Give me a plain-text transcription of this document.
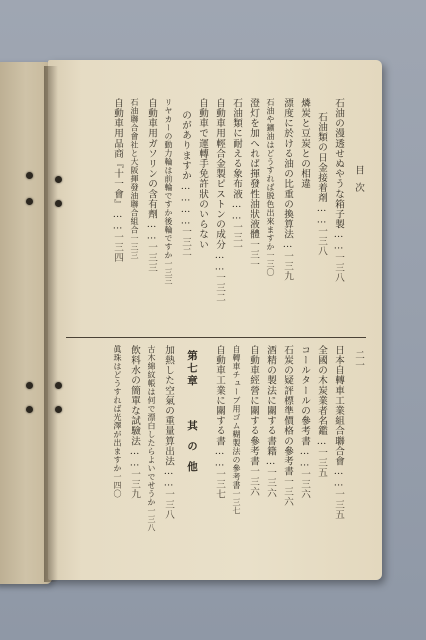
目次
二一
石油の漫透せぬやうな箱子製……一三八
石油類の日金接着剤……一三八
燐炭と豆炭との相違
漂度に於ける油の比重の換算法…一三九
石油や鑛油はどうすれば脱色出來ますか一三〇
澄灯を加へれば揮發性油狀液體一三一
石油類に耐える象布液……一三一
自動車用輕合金製ピストンの成分……一三二
自動車で運轉手免許狀のいらない
のがありますか…………一三二
リヤカーの動力輪は前輪ですか後輪ですか一三三
自動車用ガソリンの含有劑……一三三
石油聯合會社と大阪揮發油聯合組合一三三
自動車用品商『十一會』……一三四
日本自轉車工業組合聯合會……一三五
全國の木炭業者名鑑…一三五
コールタールの參考書……一三六
石炭の疑評標準價格の參考書一三六
酒精の製法に關する書籍…一三六
自動車經營に關する參考書一三六
自轉車チューブ用ゴム糊製法の參考書一三七
自動車工業に關する書……一三七
第七章
其の他
加熱した空氣の重量算出法……一三八
古木綿紋帳は何で漂白したらよいでせうか一三八
飲料水の簡單な試驗法……一三九
眞珠はどうすれば光澤が出ますか一四〇
